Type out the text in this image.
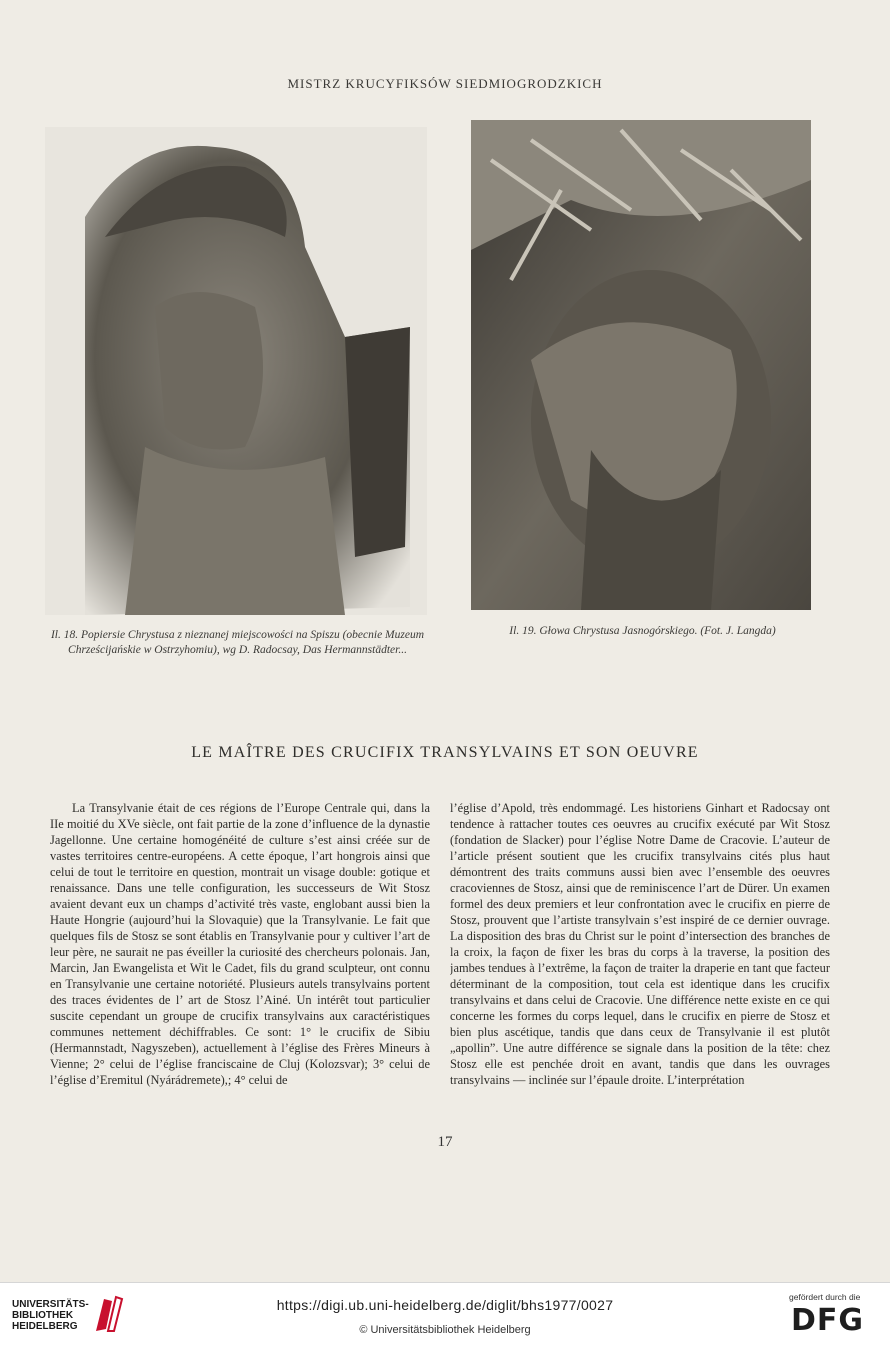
MISTRZ KRUCYFIKSÓW SIEDMIOGRODZKICH
Il. 18. Popiersie Chrystusa z nieznanej miejscowości na Spiszu (obecnie Muzeum Chrześcijańskie w Ostrzyhomiu), wg D. Radocsay, Das Hermannstädter...
Il. 19. Głowa Chrystusa Jasnogórskiego. (Fot. J. Langda)
LE MAÎTRE DES CRUCIFIX TRANSYLVAINS ET SON OEUVRE

La Transylvanie était de ces régions de l’Europe Centrale qui, dans la IIe moitié du XVe siècle, ont fait partie de la zone d’influence de la dynastie Jagellonne. Une certaine homogénéité de culture s’est ainsi créée sur de vastes territoires centre-européens. A cette époque, l’art hongrois ainsi que celui de tout le territoire en question, montrait un visage double: gotique et renaissance. Dans une telle configuration, les successeurs de Wit Stosz avaient devant eux un champs d’activité très vaste, englobant aussi bien la Haute Hongrie (aujourd’hui la Slovaquie) que la Transylvanie. Le fait que quelques fils de Stosz se sont établis en Transylvanie pour y cultiver l’art de leur père, ne saurait ne pas éveiller la curiosité des chercheurs polonais. Jan, Marcin, Jan Ewangelista et Wit le Cadet, fils du grand sculpteur, ont connu en Transylvanie une certaine notoriété. Plusieurs autels transylvains portent des traces évidentes de l’ art de Stosz l’Ainé. Un intérêt tout particulier suscite cependant un groupe de crucifix transylvains aux caractéristiques communes nettement déchiffrables. Ce sont: 1° le crucifix de Sibiu (Hermannstadt, Nagyszeben), actuellement à l’église des Frères Mineurs à Vienne; 2° celui de l’église franciscaine de Cluj (Kolozsvar); 3° celui de l’église d’Eremitul (Nyárádremete),; 4° celui de

l’église d’Apold, très endommagé. Les historiens Ginhart et Radocsay ont tendence à rattacher toutes ces oeuvres au crucifix exécuté par Wit Stosz (fondation de Slacker) pour l’église Notre Dame de Cracovie. L’auteur de l’article présent soutient que les crucifix transylvains cités plus haut démontrent des traits communs aussi bien avec l’ensemble des oeuvres cracoviennes de Stosz, ainsi que de reminiscence l’art de Dürer. Un examen formel des deux premiers et leur confrontation avec le crucifix en pierre de Stosz, prouvent que l’artiste transylvain s’est inspiré de ce dernier ouvrage. La disposition des bras du Christ sur le point d’intersection des branches de la croix, la façon de fixer les bras du corps à la traverse, la position des jambes tendues à l’extrême, la façon de traiter la draperie en tant que facteur déterminant de la composition, tout cela est identique dans les crucifix transylvains et dans celui de Cracovie. Une différence nette existe en ce qui concerne les formes du corps lequel, dans le crucifix en pierre de Stosz et bien plus ascétique, tandis que dans ceux de Transylvanie il est plutôt „apollin”. Une autre différence se signale dans la position de la tête: chez Stosz elle est penchée droit en avant, tandis que dans les ouvrages transylvains — inclinée sur l’épaule droite. L’interprétation

17
UNIVERSITÄTS-
BIBLIOTHEK
HEIDELBERG
https://digi.ub.uni-heidelberg.de/diglit/bhs1977/0027
© Universitätsbibliothek Heidelberg
gefördert durch die
DFG
